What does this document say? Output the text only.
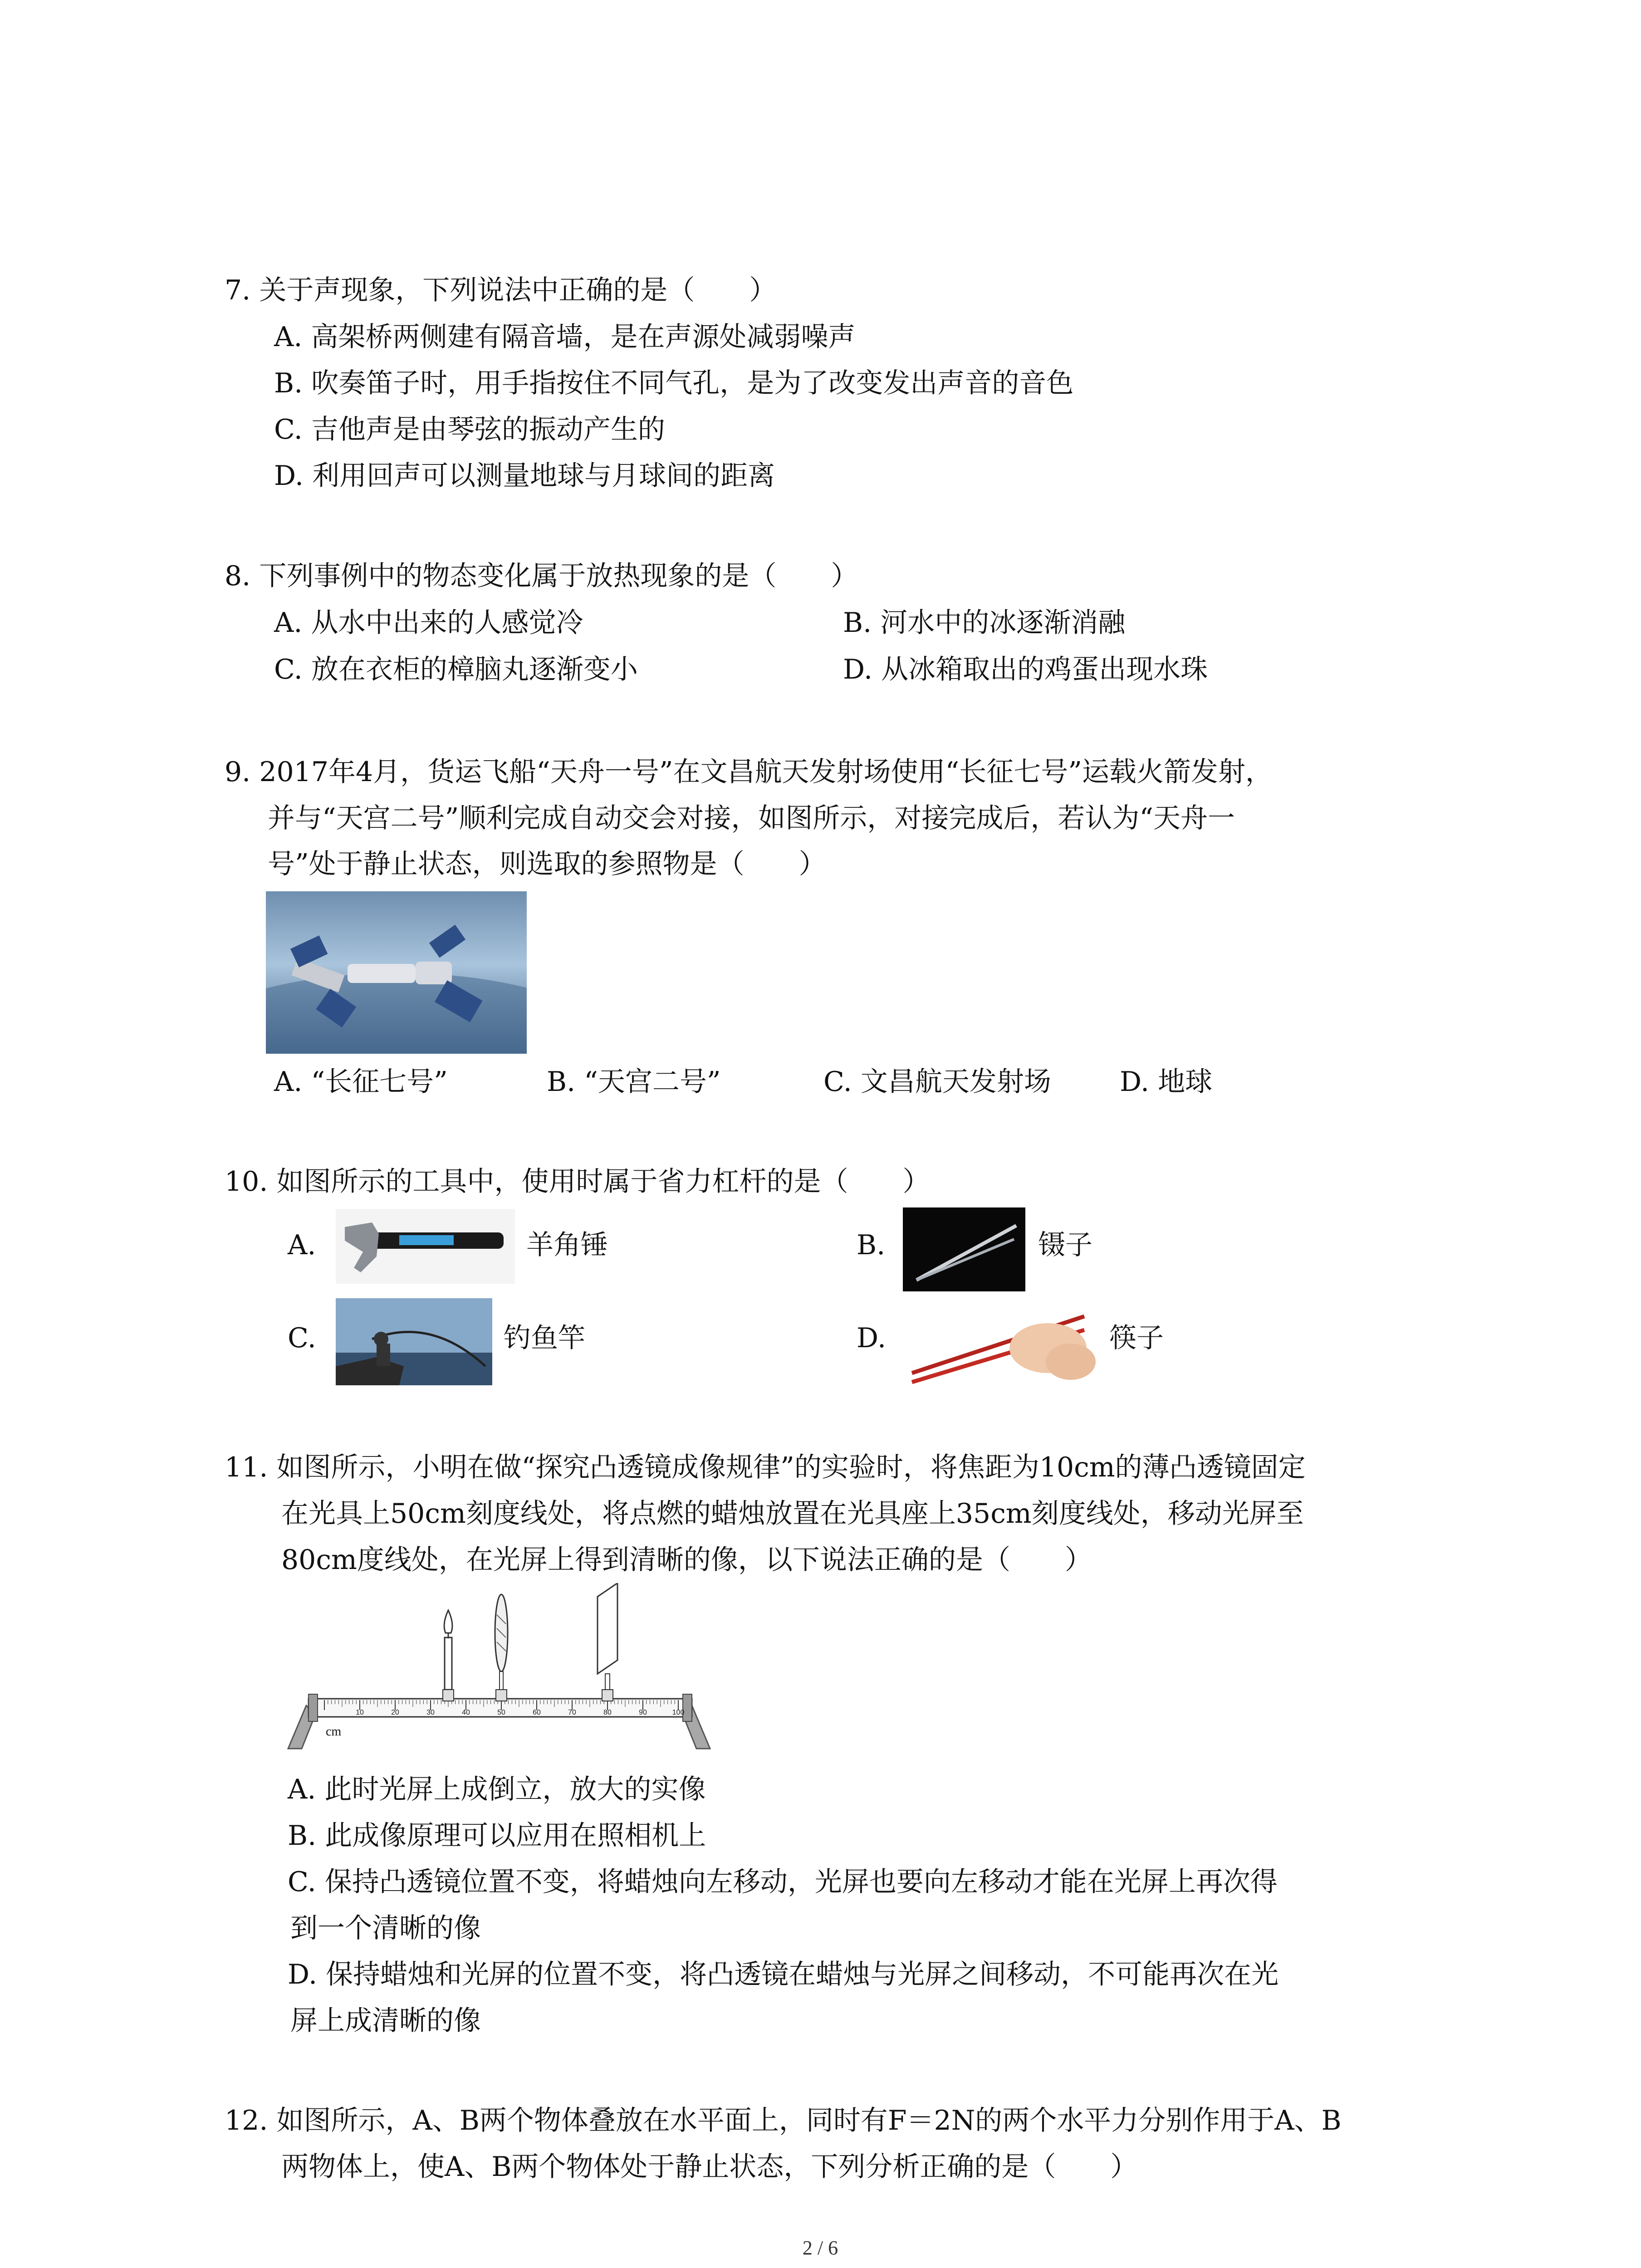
7. 关于声现象，下列说法中正确的是（　　）
A. 高架桥两侧建有隔音墙，是在声源处减弱噪声
B. 吹奏笛子时，用手指按住不同气孔，是为了改变发出声音的音色
C. 吉他声是由琴弦的振动产生的
D. 利用回声可以测量地球与月球间的距离
8. 下列事例中的物态变化属于放热现象的是（　　）
A. 从水中出来的人感觉冷	B. 河水中的冰逐渐消融
C. 放在衣柜的樟脑丸逐渐变小	D. 从冰箱取出的鸡蛋出现水珠
9. 2017年4月，货运飞船“天舟一号”在文昌航天发射场使用“长征七号”运载火箭发射，
并与“天宫二号”顺利完成自动交会对接，如图所示，对接完成后，若认为“天舟一
号”处于静止状态，则选取的参照物是（　　）
A. “长征七号”	B. “天宫二号”	C. 文昌航天发射场	D. 地球
10. 如图所示的工具中，使用时属于省力杠杆的是（　　）
A.	羊角锤	B.	镊子
C.	钓鱼竿	D.	筷子
11. 如图所示，小明在做“探究凸透镜成像规律”的实验时，将焦距为10cm的薄凸透镜固定
在光具上50cm刻度线处，将点燃的蜡烛放置在光具座上35cm刻度线处，移动光屏至
80cm度线处，在光屏上得到清晰的像，以下说法正确的是（　　）
cm
10	20	30	40	50	60	70	80	90	100
A. 此时光屏上成倒立，放大的实像
B. 此成像原理可以应用在照相机上
C. 保持凸透镜位置不变，将蜡烛向左移动，光屏也要向左移动才能在光屏上再次得
到一个清晰的像
D. 保持蜡烛和光屏的位置不变，将凸透镜在蜡烛与光屏之间移动，不可能再次在光
屏上成清晰的像
12. 如图所示，A、B两个物体叠放在水平面上，同时有F＝2N的两个水平力分别作用于A、B
两物体上，使A、B两个物体处于静止状态，下列分析正确的是（　　）
2 / 6
